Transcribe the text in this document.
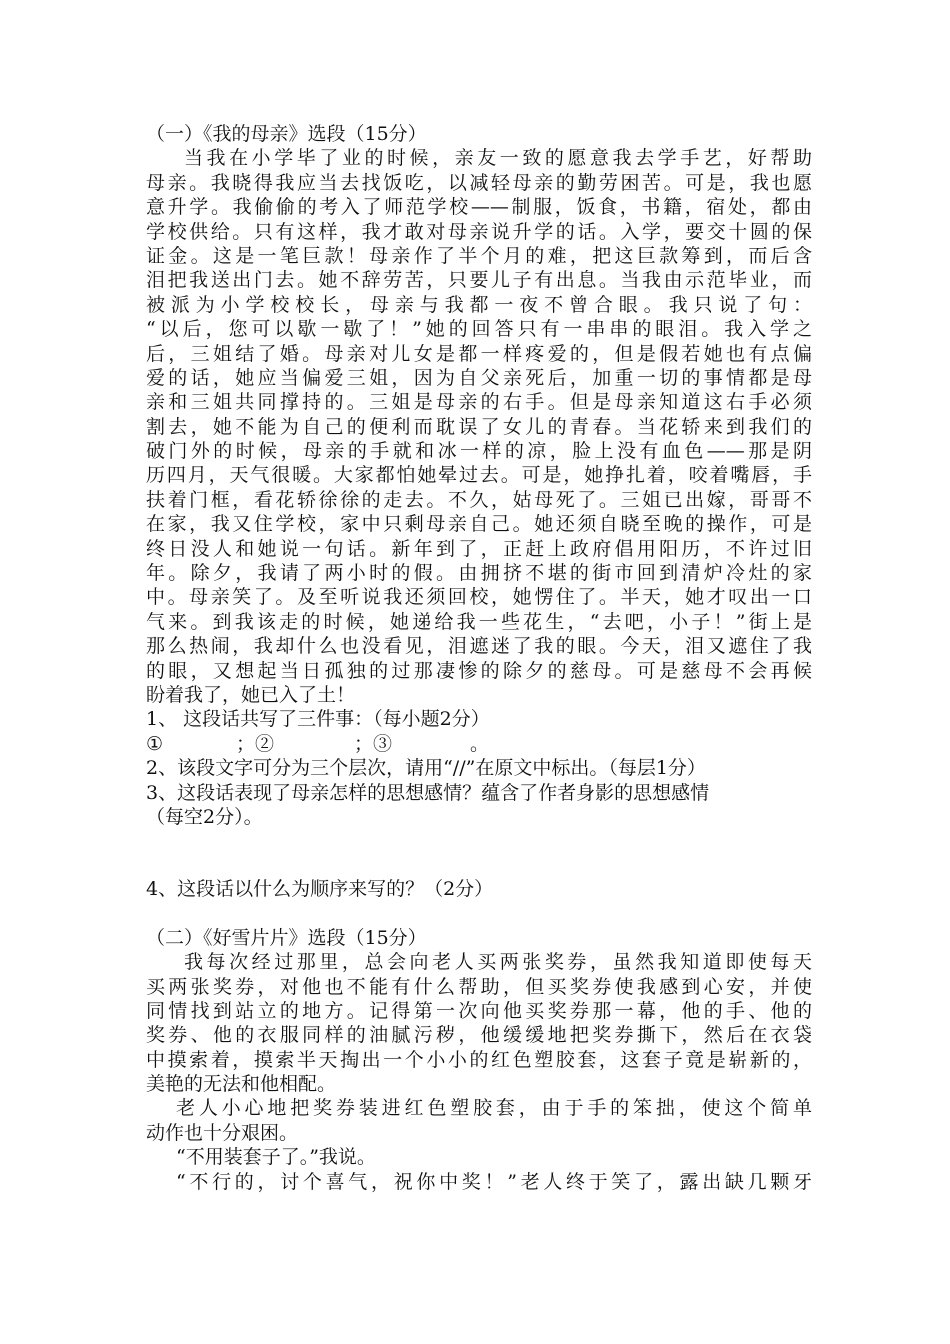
（一）《我的母亲》选段（15分）
当我在小学毕了业的时候，亲友一致的愿意我去学手艺，好帮助
母亲。我晓得我应当去找饭吃，以减轻母亲的勤劳困苦。可是，我也愿
意升学。我偷偷的考入了师范学校——制服，饭食，书籍，宿处，都由
学校供给。只有这样，我才敢对母亲说升学的话。入学，要交十圆的保
证金。这是一笔巨款！母亲作了半个月的难，把这巨款筹到，而后含
泪把我送出门去。她不辞劳苦，只要儿子有出息。当我由示范毕业，而
被派为小学校校长，母亲与我都一夜不曾合眼。我只说了句：
“以后，您可以歇一歇了！”她的回答只有一串串的眼泪。我入学之
后，三姐结了婚。母亲对儿女是都一样疼爱的，但是假若她也有点偏
爱的话，她应当偏爱三姐，因为自父亲死后，加重一切的事情都是母
亲和三姐共同撑持的。三姐是母亲的右手。但是母亲知道这右手必须
割去，她不能为自己的便利而耽误了女儿的青春。当花轿来到我们的
破门外的时候，母亲的手就和冰一样的凉，脸上没有血色——那是阴
历四月，天气很暖。大家都怕她晕过去。可是，她挣扎着，咬着嘴唇，手
扶着门框，看花轿徐徐的走去。不久，姑母死了。三姐已出嫁，哥哥不
在家，我又住学校，家中只剩母亲自己。她还须自晓至晚的操作，可是
终日没人和她说一句话。新年到了，正赶上政府倡用阳历，不许过旧
年。除夕，我请了两小时的假。由拥挤不堪的街市回到清炉冷灶的家
中。母亲笑了。及至听说我还须回校，她愣住了。半天，她才叹出一口
气来。到我该走的时候，她递给我一些花生，“去吧，小子！”街上是
那么热闹，我却什么也没看见，泪遮迷了我的眼。今天，泪又遮住了我
的眼，又想起当日孤独的过那凄惨的除夕的慈母。可是慈母不会再候
盼着我了，她已入了土！
1、 这段话共写了三件事：（每小题2分）
①	；②	；③	。
2、该段文字可分为三个层次，请用“//”在原文中标出。（每层1分）
3、这段话表现了母亲怎样的思想感情？蕴含了作者身影的思想感情
（每空2分）。
4、这段话以什么为顺序来写的？（2分）
（二）《好雪片片》选段（15分）
我每次经过那里，总会向老人买两张奖券，虽然我知道即使每天
买两张奖券，对他也不能有什么帮助，但买奖券使我感到心安，并使
同情找到站立的地方。记得第一次向他买奖券那一幕，他的手、他的
奖券、他的衣服同样的油腻污秽，他缓缓地把奖券撕下，然后在衣袋
中摸索着，摸索半天掏出一个小小的红色塑胶套，这套子竟是崭新的，
美艳的无法和他相配。
老人小心地把奖券装进红色塑胶套，由于手的笨拙，使这个简单
动作也十分艰困。
“不用装套子了。”我说。
“不行的，讨个喜气，祝你中奖！”老人终于笑了，露出缺几颗牙
